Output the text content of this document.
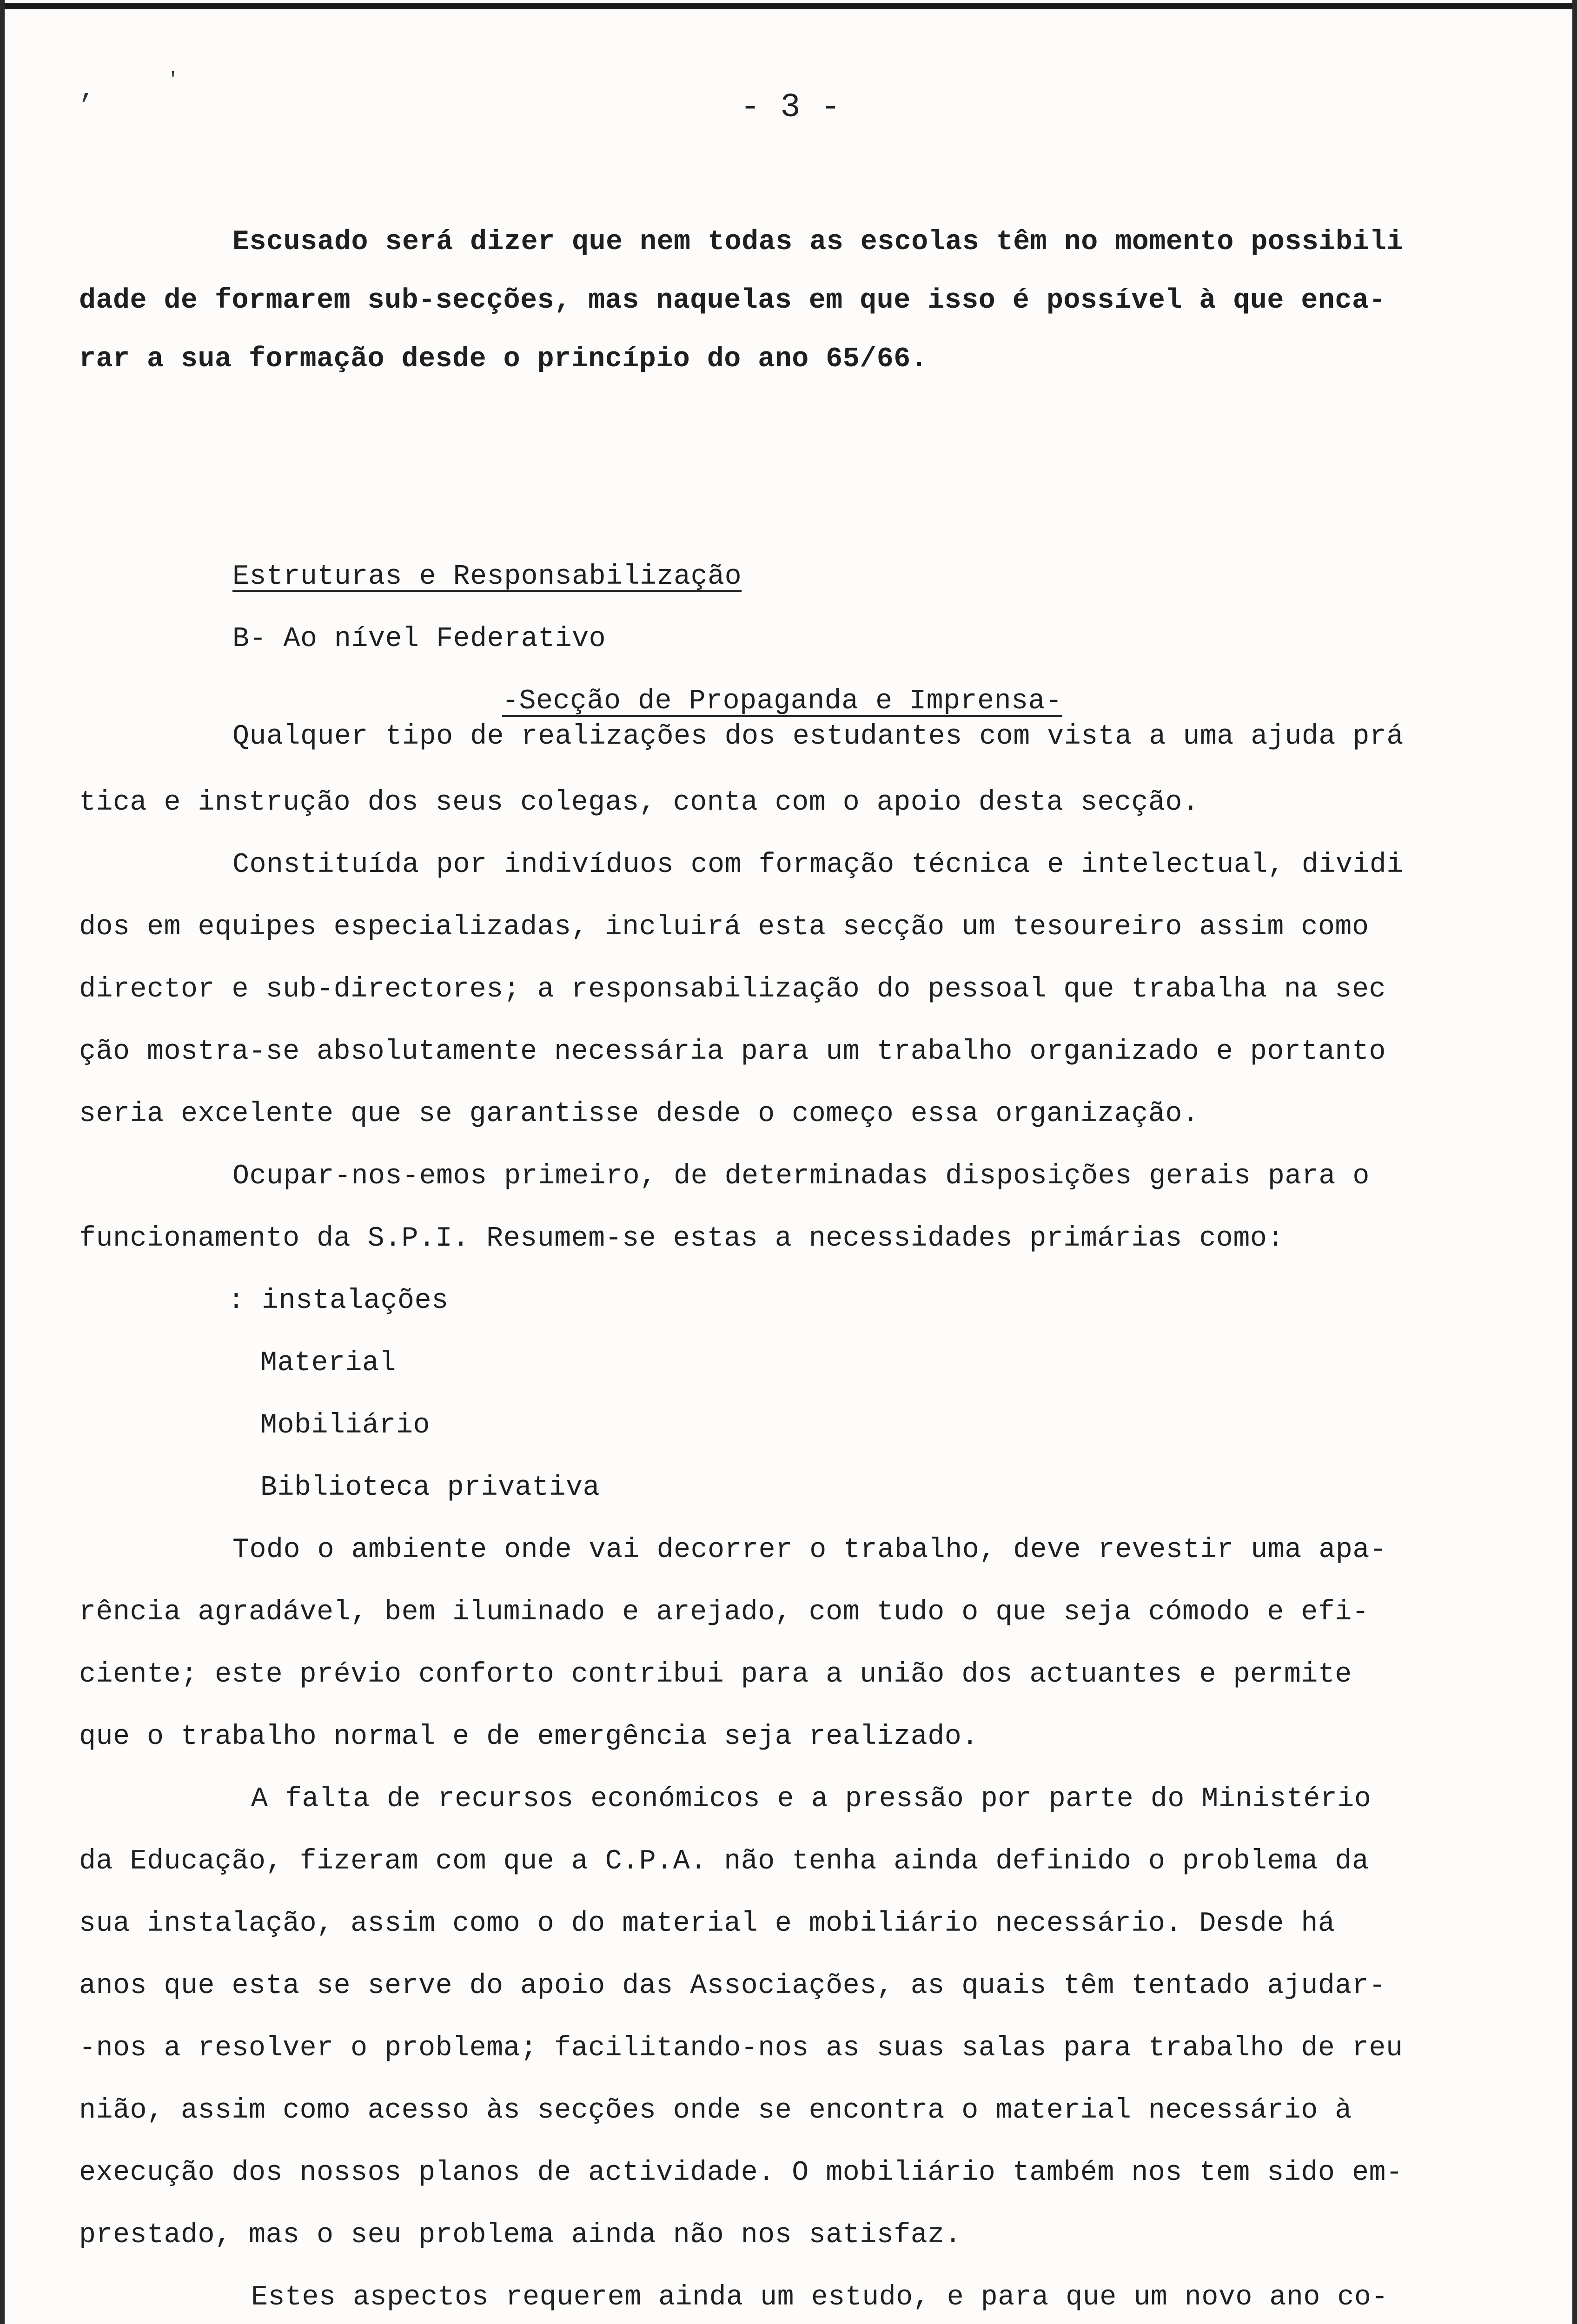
,	'
- 3 -
Escusado será dizer que nem todas as escolas têm no momento possibili
dade de formarem sub-secções, mas naquelas em que isso é possível à que enca-
rar a sua formação desde o princípio do ano 65/66.
Estruturas e Responsabilização
B- Ao nível Federativo
-Secção de Propaganda e Imprensa-
Qualquer tipo de realizações dos estudantes com vista a uma ajuda prá
tica e instrução dos seus colegas, conta com o apoio desta secção.
Constituída por indivíduos com formação técnica e intelectual, dividi
dos em equipes especializadas, incluirá esta secção um tesoureiro assim como
director e sub-directores; a responsabilização do pessoal que trabalha na sec
ção mostra-se absolutamente necessária para um trabalho organizado e portanto
seria excelente que se garantisse desde o começo essa organização.
Ocupar-nos-emos primeiro, de determinadas disposições gerais para o
funcionamento da S.P.I. Resumem-se estas a necessidades primárias como:
: instalações
Material
Mobiliário
Biblioteca privativa
Todo o ambiente onde vai decorrer o trabalho, deve revestir uma apa-
rência agradável, bem iluminado e arejado, com tudo o que seja cómodo e efi-
ciente; este prévio conforto contribui para a união dos actuantes e permite
que o trabalho normal e de emergência seja realizado.
A falta de recursos económicos e a pressão por parte do Ministério
da Educação, fizeram com que a C.P.A. não tenha ainda definido o problema da
sua instalação, assim como o do material e mobiliário necessário. Desde há
anos que esta se serve do apoio das Associações, as quais têm tentado ajudar-
-nos a resolver o problema; facilitando-nos as suas salas para trabalho de reu
nião, assim como acesso às secções onde se encontra o material necessário à
execução dos nossos planos de actividade. O mobiliário também nos tem sido em-
prestado, mas o seu problema ainda não nos satisfaz.
Estes aspectos requerem ainda um estudo, e para que um novo ano co-
